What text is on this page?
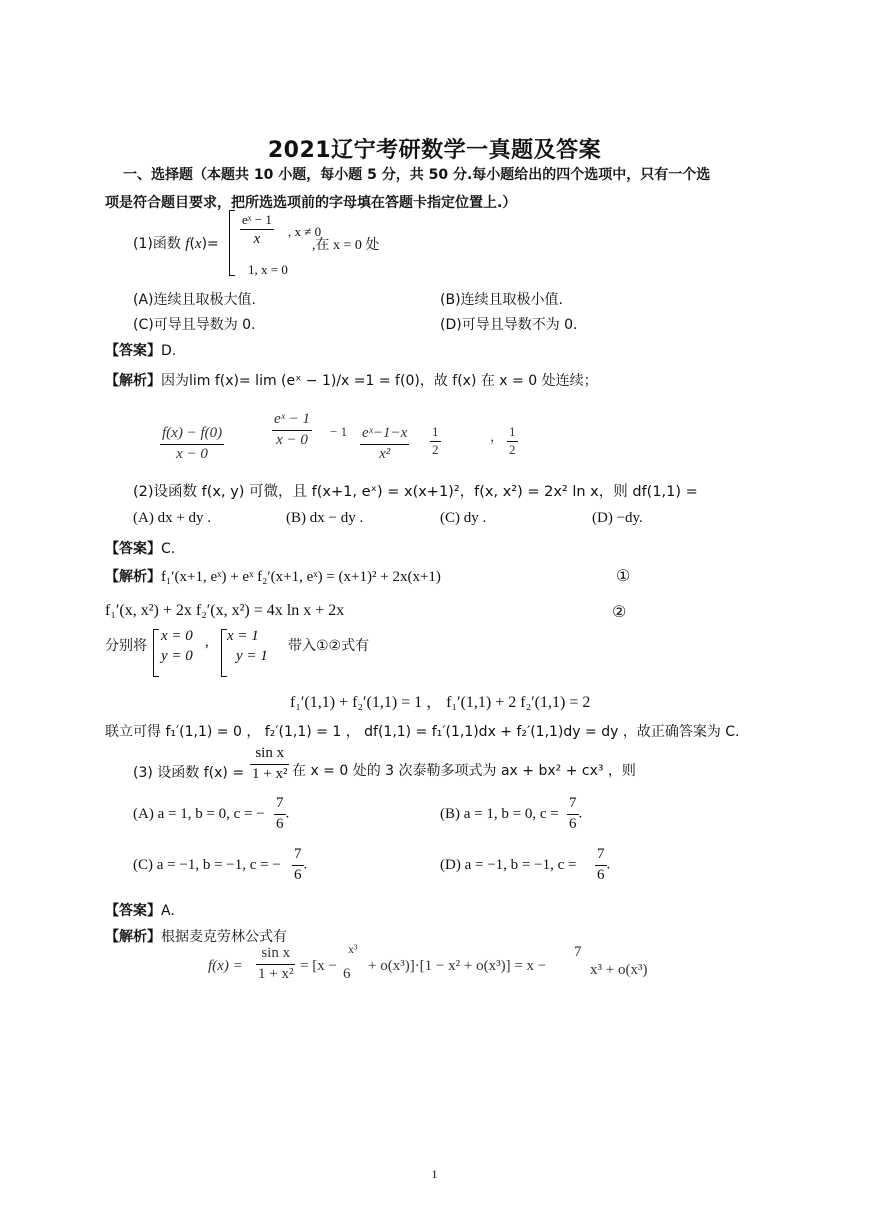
2021辽宁考研数学一真题及答案
一、选择题（本题共 10 小题，每小题 5 分，共 50 分.每小题给出的四个选项中，只有一个选
项是符合题目要求，把所选选项前的字母填在答题卡指定位置上.）
(1)函数 $f(x)= \frac{\text{eˣ − 1}}{x}$ , x ≠ 0
,在 x = 0 处
1, x = 0
(A)连续且取极大值.	(B)连续且取极小值.
(C)可导且导数为 0.	(D)可导且导数不为 0.
【答案】D.
【解析】因为lim f(x)= lim (eˣ − 1)/x =1 = f(0)，故 f(x) 在 x = 0 处连续；
$\frac{f(x) - f(0)}{x - 0}$	$\frac{\text{eˣ − 1}}{x - 0} - 1 \frac{\text{eˣ−1−x}}{\text{x²}} \frac{1}{2}$	， $\frac{1}{2}$
(2)设函数 f(x, y) 可微，且 f(x+1, eˣ) = x(x+1)²，f(x, x²) = 2x² ln x，则 df(1,1) =
(A) dx + dy .	(B) dx − dy .	(C) dy .	(D) −dy.
【答案】C.
【解析】f₁′(x+1, eˣ) + eˣ f₂′(x+1, eˣ) = (x+1)² + 2x(x+1)	①
f₁′(x, x²) + 2x f₂′(x, x²) = 4x ln x + 2x	②
分别将
x = 0
y = 0
, x = 1
y = 1
带入①②式有
f₁′(1,1) + f₂′(1,1) = 1 ， f₁′(1,1) + 2 f₂′(1,1) = 2
联立可得 f₁′(1,1) = 0 ， f₂′(1,1) = 1 ， df(1,1) = f₁′(1,1)dx + f₂′(1,1)dy = dy ，故正确答案为 C.
(3) 设函数 $f(x) = \frac{\text{sin x}}{\text{1 + x²}}$ 在 x = 0 处的 3 次泰勒多项式为 ax + bx² + cx³ ，则
(A) a = 1, b = 0, c = − $\frac{7}{6}$ .	(B) a = 1, b = 0, $c = \frac{7}{6}$ .
(C) a = −1, b = −1, c = − $\frac{7}{6}$ .	(D) a = −1, b = −1, $c = \frac{7}{6}$ .
【答案】A.
【解析】根据麦克劳林公式有
$f(x) = \frac{\text{sin x}}{\text{1 + x²}} = [x$ −
x³
6 + o(x³)]·[1 − x² + o(x³)] = x −
7
x³ + o(x³)
1
